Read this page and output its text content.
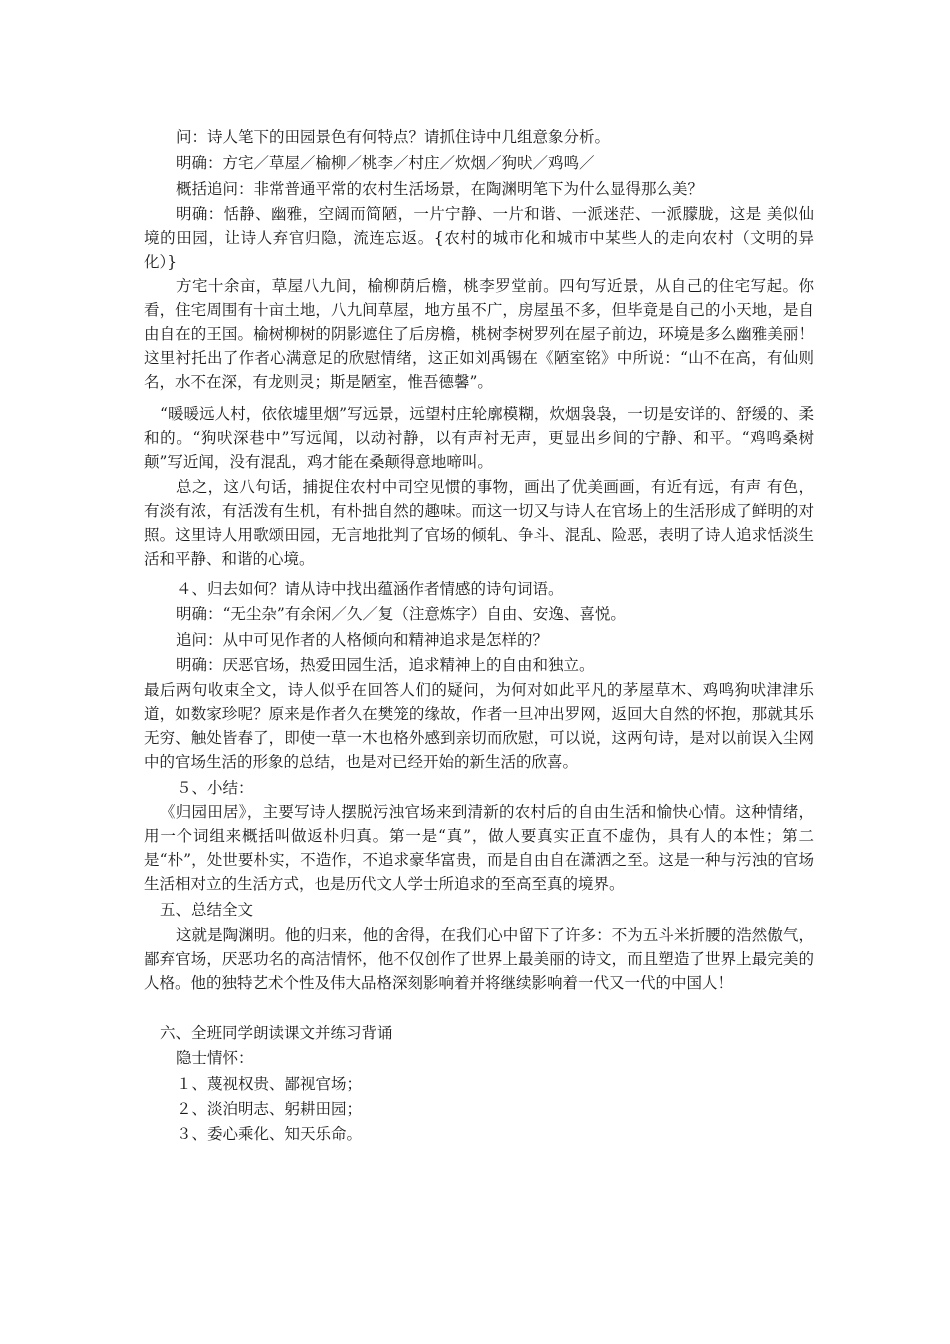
问：诗人笔下的田园景色有何特点？请抓住诗中几组意象分析。

明确：方宅／草屋／榆柳／桃李／村庄／炊烟／狗吠／鸡鸣／

概括追问：非常普通平常的农村生活场景，在陶渊明笔下为什么显得那么美？

明确：恬静、幽雅，空阔而简陋，一片宁静、一片和谐、一派迷茫、一派朦胧，这是 美似仙境的田园，让诗人弃官归隐，流连忘返。{农村的城市化和城市中某些人的走向农村（文明的异化）}

方宅十余亩，草屋八九间，榆柳荫后檐，桃李罗堂前。四句写近景，从自己的住宅写起。你看，住宅周围有十亩土地，八九间草屋，地方虽不广，房屋虽不多，但毕竟是自己的小天地，是自由自在的王国。榆树柳树的阴影遮住了后房檐，桃树李树罗列在屋子前边，环境是多么幽雅美丽！这里衬托出了作者心满意足的欣慰情绪，这正如刘禹锡在《陋室铭》中所说：“山不在高，有仙则名，水不在深，有龙则灵；斯是陋室，惟吾德馨”。

“暖暖远人村，依依墟里烟”写远景，远望村庄轮廓模糊，炊烟袅袅，一切是安详的、舒缓的、柔和的。“狗吠深巷中”写远闻，以动衬静，以有声衬无声，更显出乡间的宁静、和平。“鸡鸣桑树颠”写近闻，没有混乱，鸡才能在桑颠得意地啼叫。

总之，这八句话，捕捉住农村中司空见惯的事物，画出了优美画画，有近有远，有声 有色，有淡有浓，有活泼有生机，有朴拙自然的趣味。而这一切又与诗人在官场上的生活形成了鲜明的对照。这里诗人用歌颂田园，无言地批判了官场的倾轧、争斗、混乱、险恶，表明了诗人追求恬淡生活和平静、和谐的心境。

４、归去如何？请从诗中找出蕴涵作者情感的诗句词语。

明确：“无尘杂”有余闲／久／复（注意炼字）自由、安逸、喜悦。

追问：从中可见作者的人格倾向和精神追求是怎样的？

明确：厌恶官场，热爱田园生活，追求精神上的自由和独立。

最后两句收束全文，诗人似乎在回答人们的疑问，为何对如此平凡的茅屋草木、鸡鸣狗吠津津乐道，如数家珍呢？原来是作者久在樊笼的缘故，作者一旦冲出罗网，返回大自然的怀抱，那就其乐无穷、触处皆春了，即使一草一木也格外感到亲切而欣慰，可以说，这两句诗，是对以前误入尘网中的官场生活的形象的总结，也是对已经开始的新生活的欣喜。

５、小结：

《归园田居》，主要写诗人摆脱污浊官场来到清新的农村后的自由生活和愉快心情。这种情绪，用一个词组来概括叫做返朴归真。第一是“真”，做人要真实正直不虚伪，具有人的本性；第二是“朴”，处世要朴实，不造作，不追求豪华富贵，而是自由自在潇洒之至。这是一种与污浊的官场生活相对立的生活方式，也是历代文人学士所追求的至高至真的境界。

五、总结全文

这就是陶渊明。他的归来，他的舍得，在我们心中留下了许多：不为五斗米折腰的浩然傲气，鄙弃官场，厌恶功名的高洁情怀，他不仅创作了世界上最美丽的诗文，而且塑造了世界上最完美的人格。他的独特艺术个性及伟大品格深刻影响着并将继续影响着一代又一代的中国人！

六、全班同学朗读课文并练习背诵

隐士情怀：

１、蔑视权贵、鄙视官场；

２、淡泊明志、躬耕田园；

３、委心乘化、知天乐命。
